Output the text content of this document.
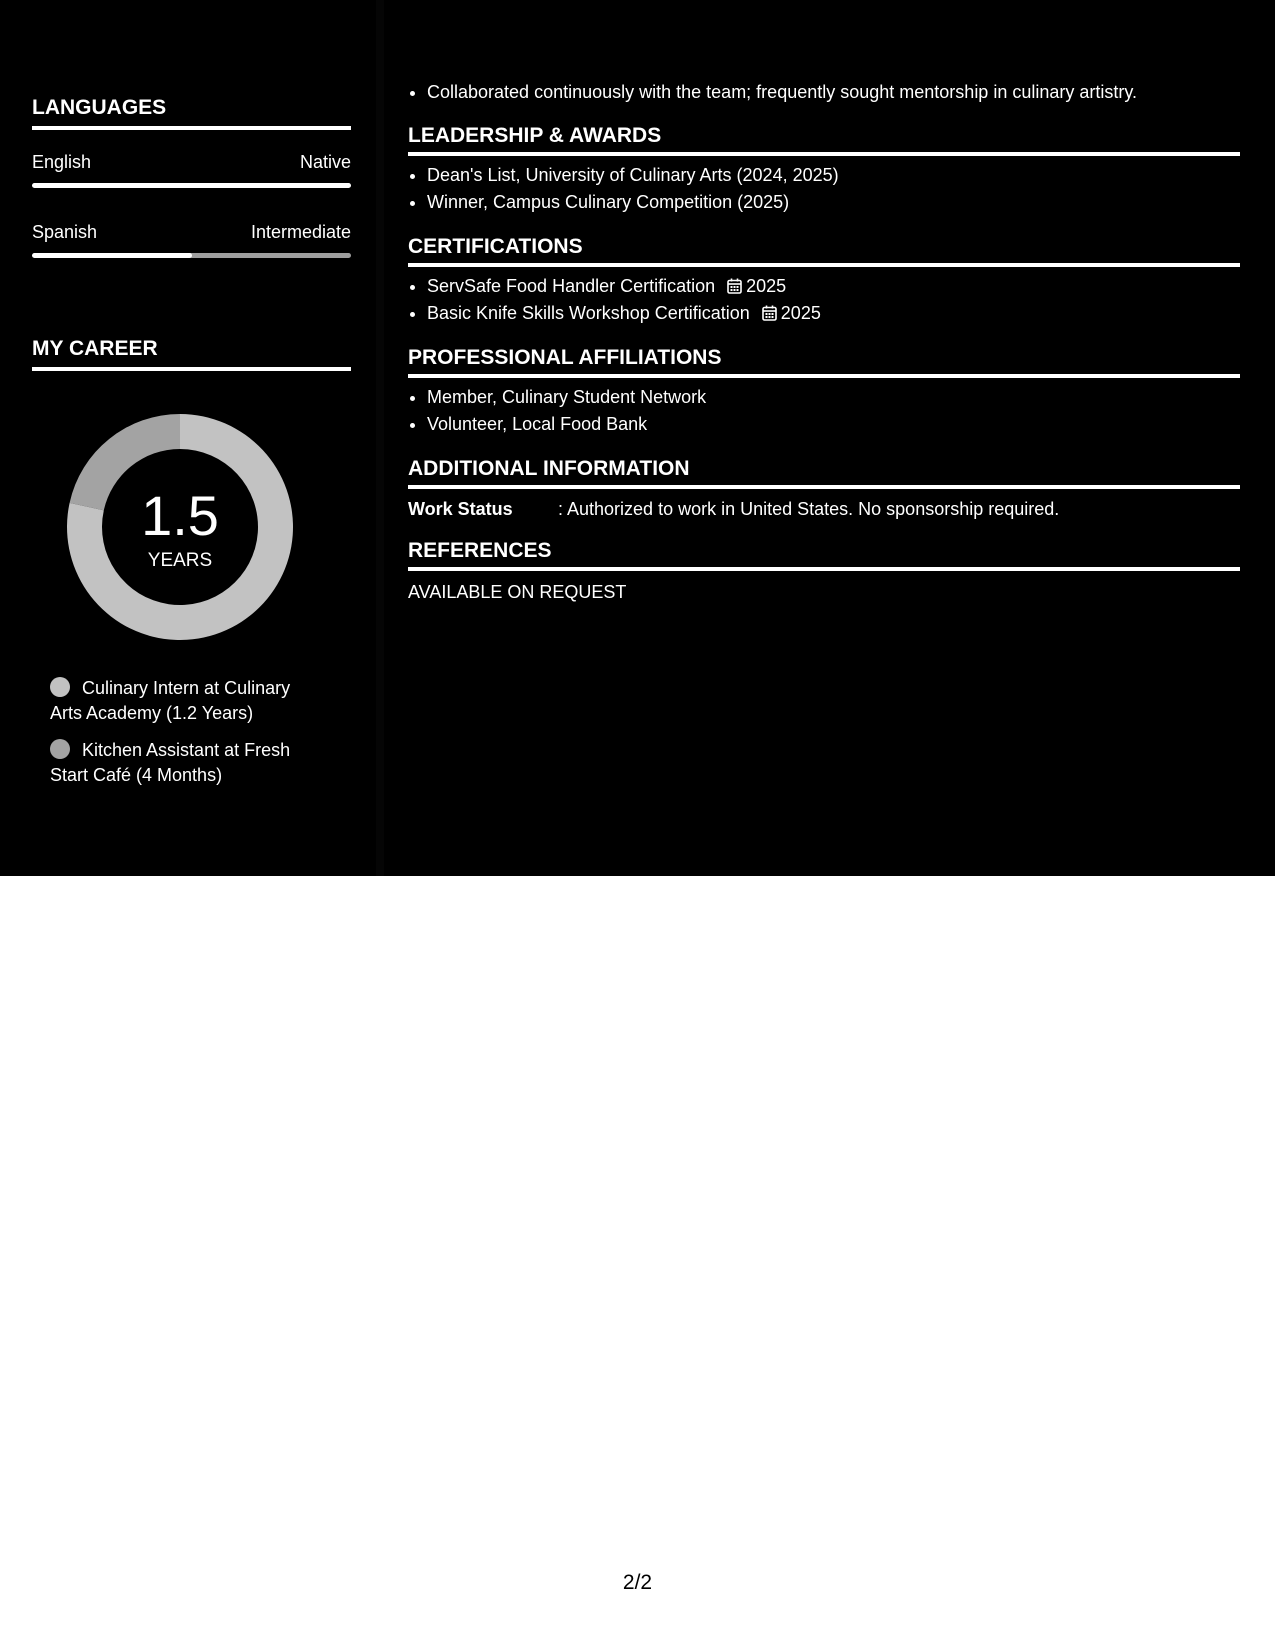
LANGUAGES
English	Native
Spanish	Intermediate
MY CAREER
1.5
YEARS
Culinary Intern at Culinary Arts Academy (1.2 Years)
Kitchen Assistant at Fresh Start Café (4 Months)
• Collaborated continuously with the team; frequently sought mentorship in culinary artistry.
LEADERSHIP & AWARDS
• Dean's List, University of Culinary Arts (2024, 2025)
• Winner, Campus Culinary Competition (2025)
CERTIFICATIONS
• ServSafe Food Handler Certification 2025
• Basic Knife Skills Workshop Certification 2025
PROFESSIONAL AFFILIATIONS
• Member, Culinary Student Network
• Volunteer, Local Food Bank
ADDITIONAL INFORMATION
Work Status	: Authorized to work in United States. No sponsorship required.
REFERENCES
AVAILABLE ON REQUEST
2/2
